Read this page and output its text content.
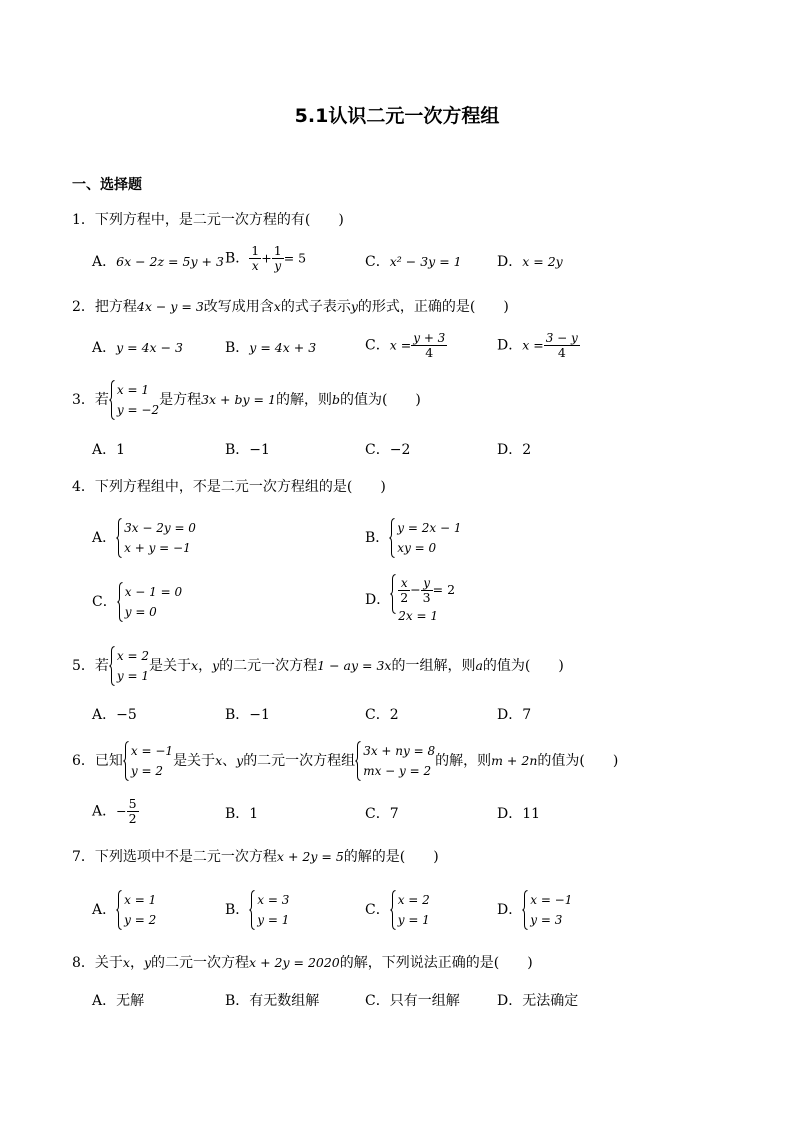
5.1认识二元一次方程组
一、选择题
1．下列方程中，是二元一次方程的有(　　)
A．6x − 2z = 5y + 3 B． $\frac{1}{x} + \frac{1}{y} = 5$	C．x² − 3y = 1	D．x = 2y
2．把方程4x − y = 3改写成用含x的式子表示y的形式，正确的是(　　)
A．y = 4x − 3	B．y = 4x + 3	C．$x = \frac{y + 3}{4}$	D．$x = \frac{3 - y}{4}$
3．若
x = 1
y = −2
是方程3x + by = 1的解，则b的值为(　　)
A．1	B．−1	C．−2	D．2
4．下列方程组中，不是二元一次方程组的是(　　)
A．
3x − 2y = 0
x + y = −1
B．
y = 2x − 1
xy = 0
C．
x − 1 = 0
y = 0
D． $\frac{x}{2} - \frac{y}{3} = 2$
2x = 1
5．若
x = 2
y = 1
是关于x，y的二元一次方程1 − ay = 3x的一组解，则a的值为(　　)
A．−5	B．−1	C．2	D．7
6．已知
x = −1
y = 2
是关于x、y的二元一次方程组
3x + ny = 8
mx − y = 2
的解，则m + 2n的值为(　　)
A．− $\frac{5}{2}$	B．1	C．7	D．11
7．下列选项中不是二元一次方程x + 2y = 5的解的是(　　)
A．
x = 1
y = 2
B．
x = 3
y = 1
C．
x = 2
y = 1
D．
x = −1
y = 3
8．关于x，y的二元一次方程x + 2y = 2020的解，下列说法正确的是(　　)
A．无解	B．有无数组解	C．只有一组解	D．无法确定
